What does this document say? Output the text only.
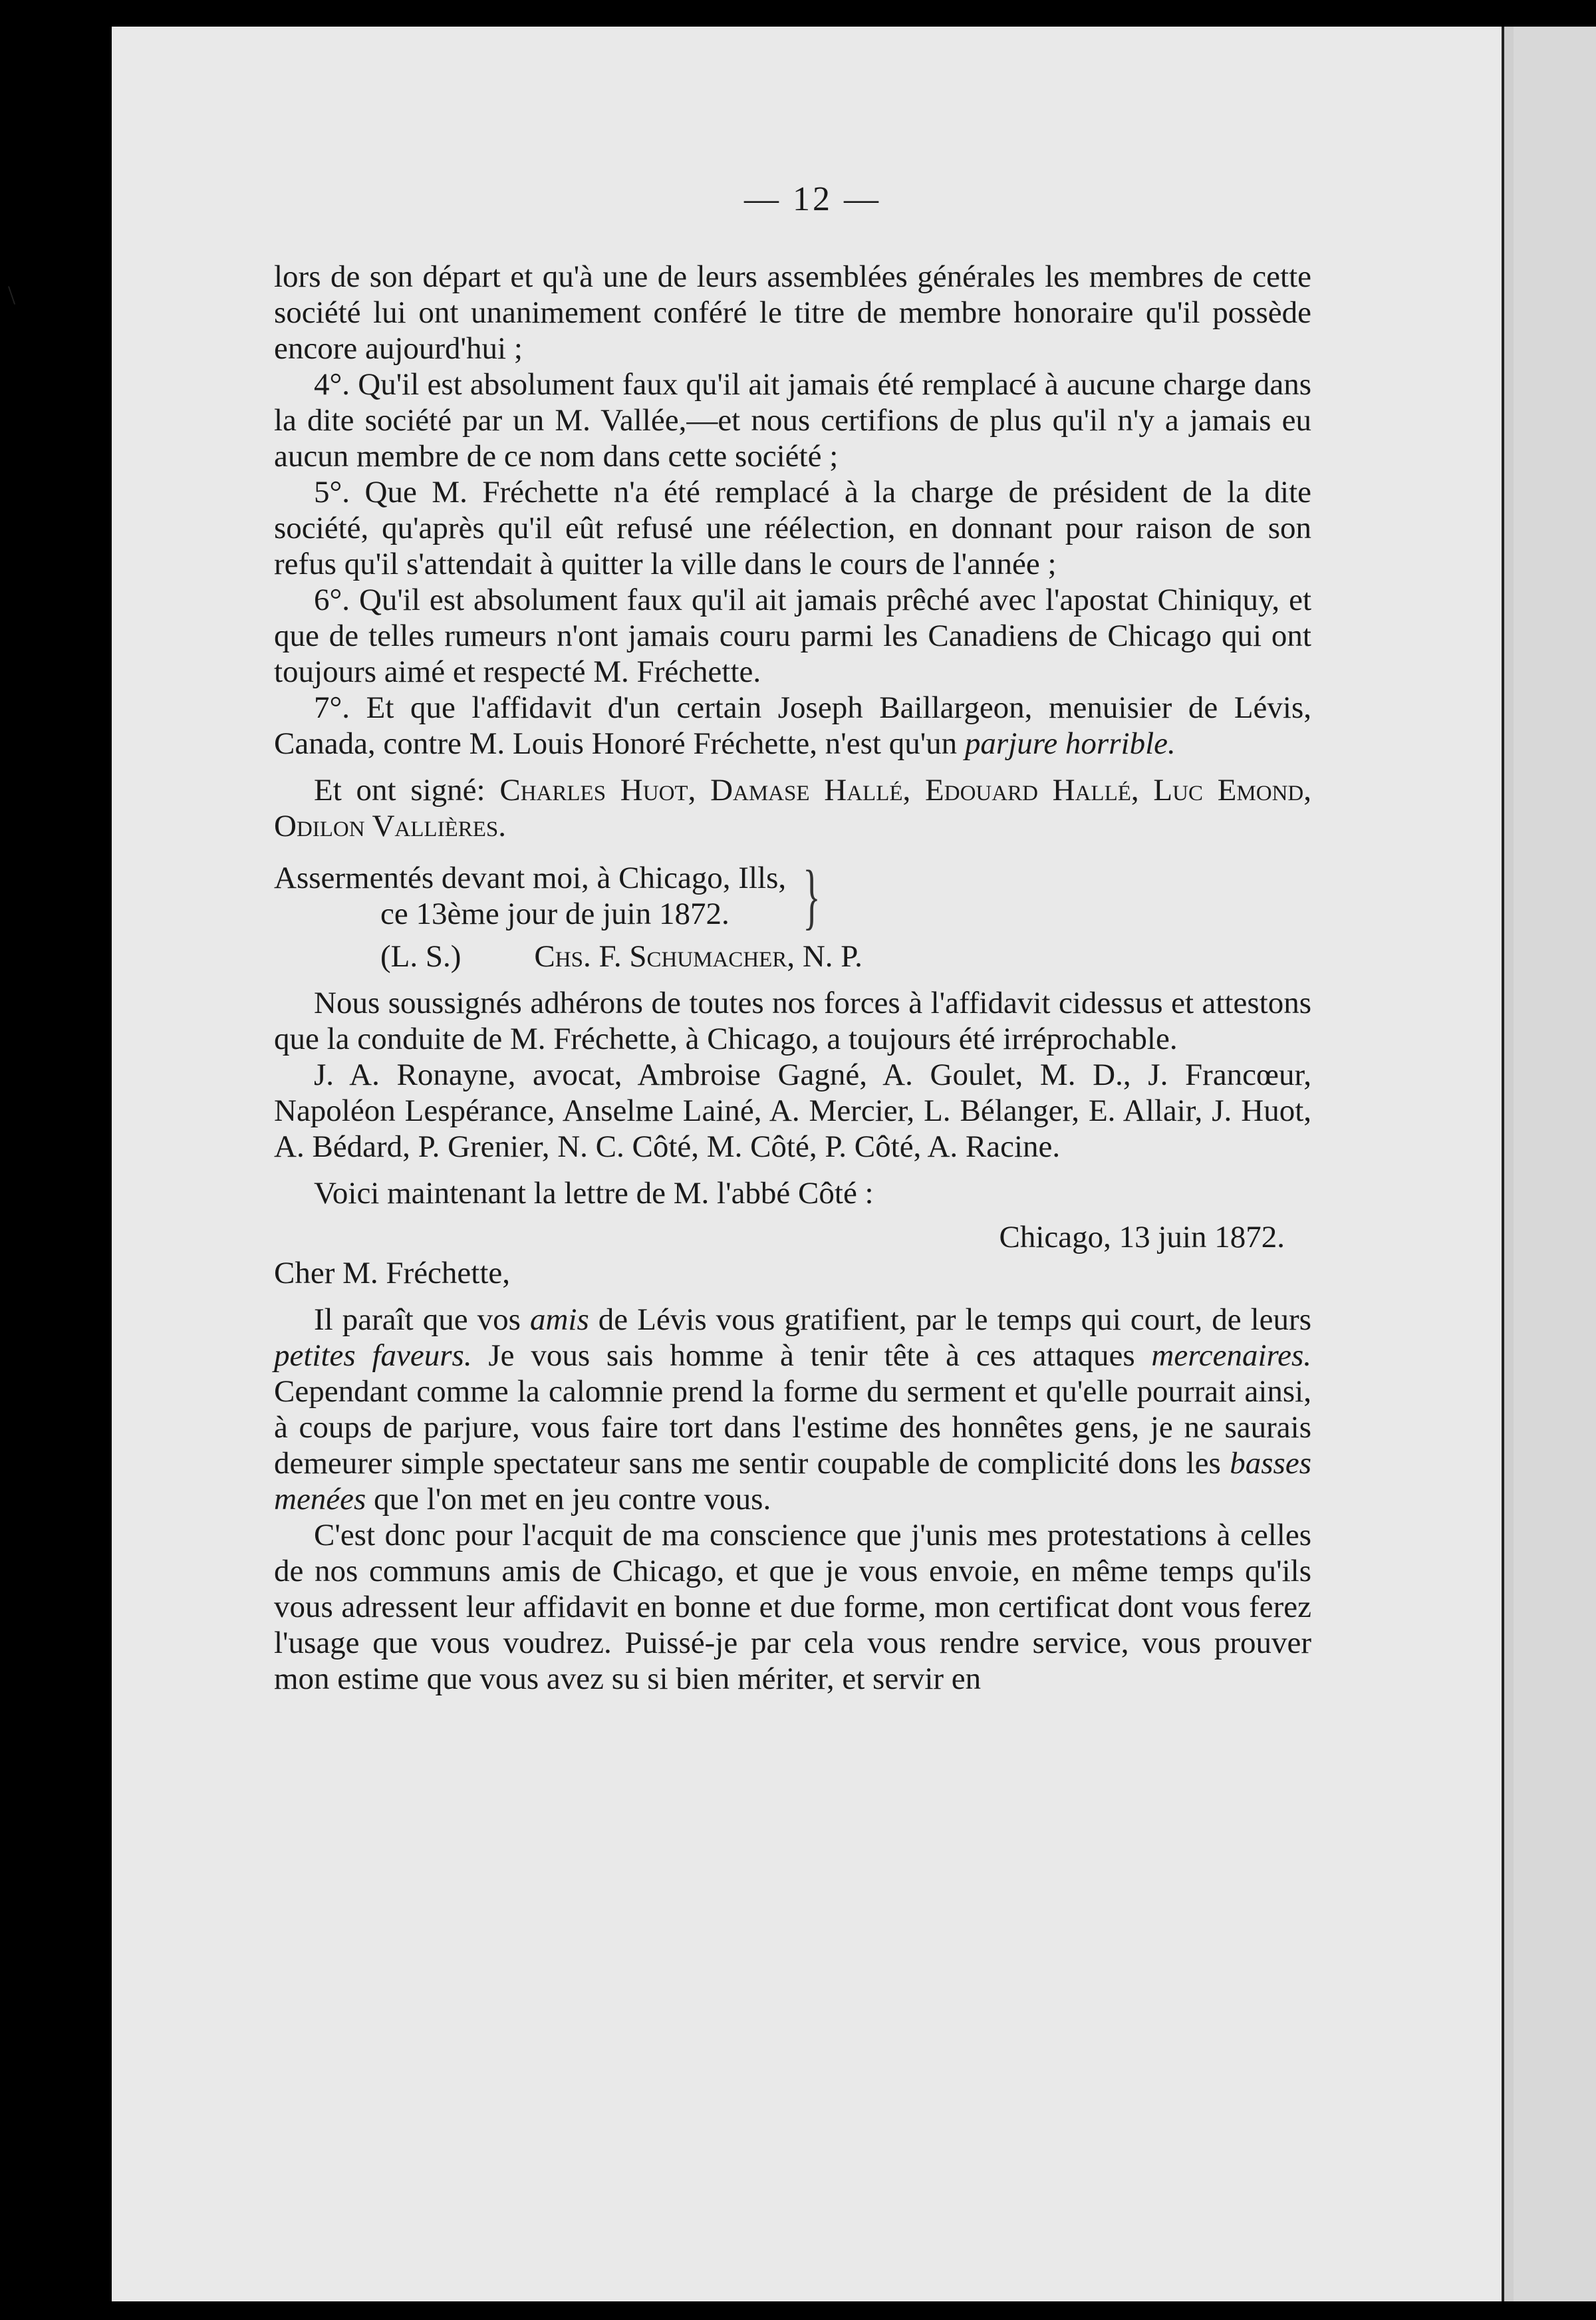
\
— 12 —

lors de son départ et qu'à une de leurs assemblées générales les membres de cette société lui ont unanimement conféré le titre de membre honoraire qu'il possède encore aujourd'hui ;

4°. Qu'il est absolument faux qu'il ait jamais été remplacé à aucune charge dans la dite société par un M. Vallée,—et nous certifions de plus qu'il n'y a jamais eu aucun membre de ce nom dans cette société ;

5°. Que M. Fréchette n'a été remplacé à la charge de président de la dite société, qu'après qu'il eût refusé une réélection, en donnant pour raison de son refus qu'il s'attendait à quitter la ville dans le cours de l'année ;

6°. Qu'il est absolument faux qu'il ait jamais prêché avec l'apostat Chiniquy, et que de telles rumeurs n'ont jamais couru parmi les Canadiens de Chicago qui ont toujours aimé et respecté M. Fréchette.

7°. Et que l'affidavit d'un certain Joseph Baillargeon, menuisier de Lévis, Canada, contre M. Louis Honoré Fréchette, n'est qu'un parjure horrible.

Et ont signé: Charles Huot, Damase Hallé, Edouard Hallé, Luc Emond, Odilon Vallières.

Assermentés devant moi, à Chicago, Ills,

ce 13ème jour de juin 1872.	}

(L. S.) Chs. F. Schumacher, N. P.

Nous soussignés adhérons de toutes nos forces à l'affidavit cidessus et attestons que la conduite de M. Fréchette, à Chicago, a toujours été irréprochable.

J. A. Ronayne, avocat, Ambroise Gagné, A. Goulet, M. D., J. Francœur, Napoléon Lespérance, Anselme Lainé, A. Mercier, L. Bélanger, E. Allair, J. Huot, A. Bédard, P. Grenier, N. C. Côté, M. Côté, P. Côté, A. Racine.

Voici maintenant la lettre de M. l'abbé Côté :

Chicago, 13 juin 1872.

Cher M. Fréchette,

Il paraît que vos amis de Lévis vous gratifient, par le temps qui court, de leurs petites faveurs. Je vous sais homme à tenir tête à ces attaques mercenaires. Cependant comme la calomnie prend la forme du serment et qu'elle pourrait ainsi, à coups de parjure, vous faire tort dans l'estime des honnêtes gens, je ne saurais demeurer simple spectateur sans me sentir coupable de complicité dons les basses menées que l'on met en jeu contre vous.

C'est donc pour l'acquit de ma conscience que j'unis mes protestations à celles de nos communs amis de Chicago, et que je vous envoie, en même temps qu'ils vous adressent leur affidavit en bonne et due forme, mon certificat dont vous ferez l'usage que vous voudrez. Puissé-je par cela vous rendre service, vous prouver mon estime que vous avez su si bien mériter, et servir en
